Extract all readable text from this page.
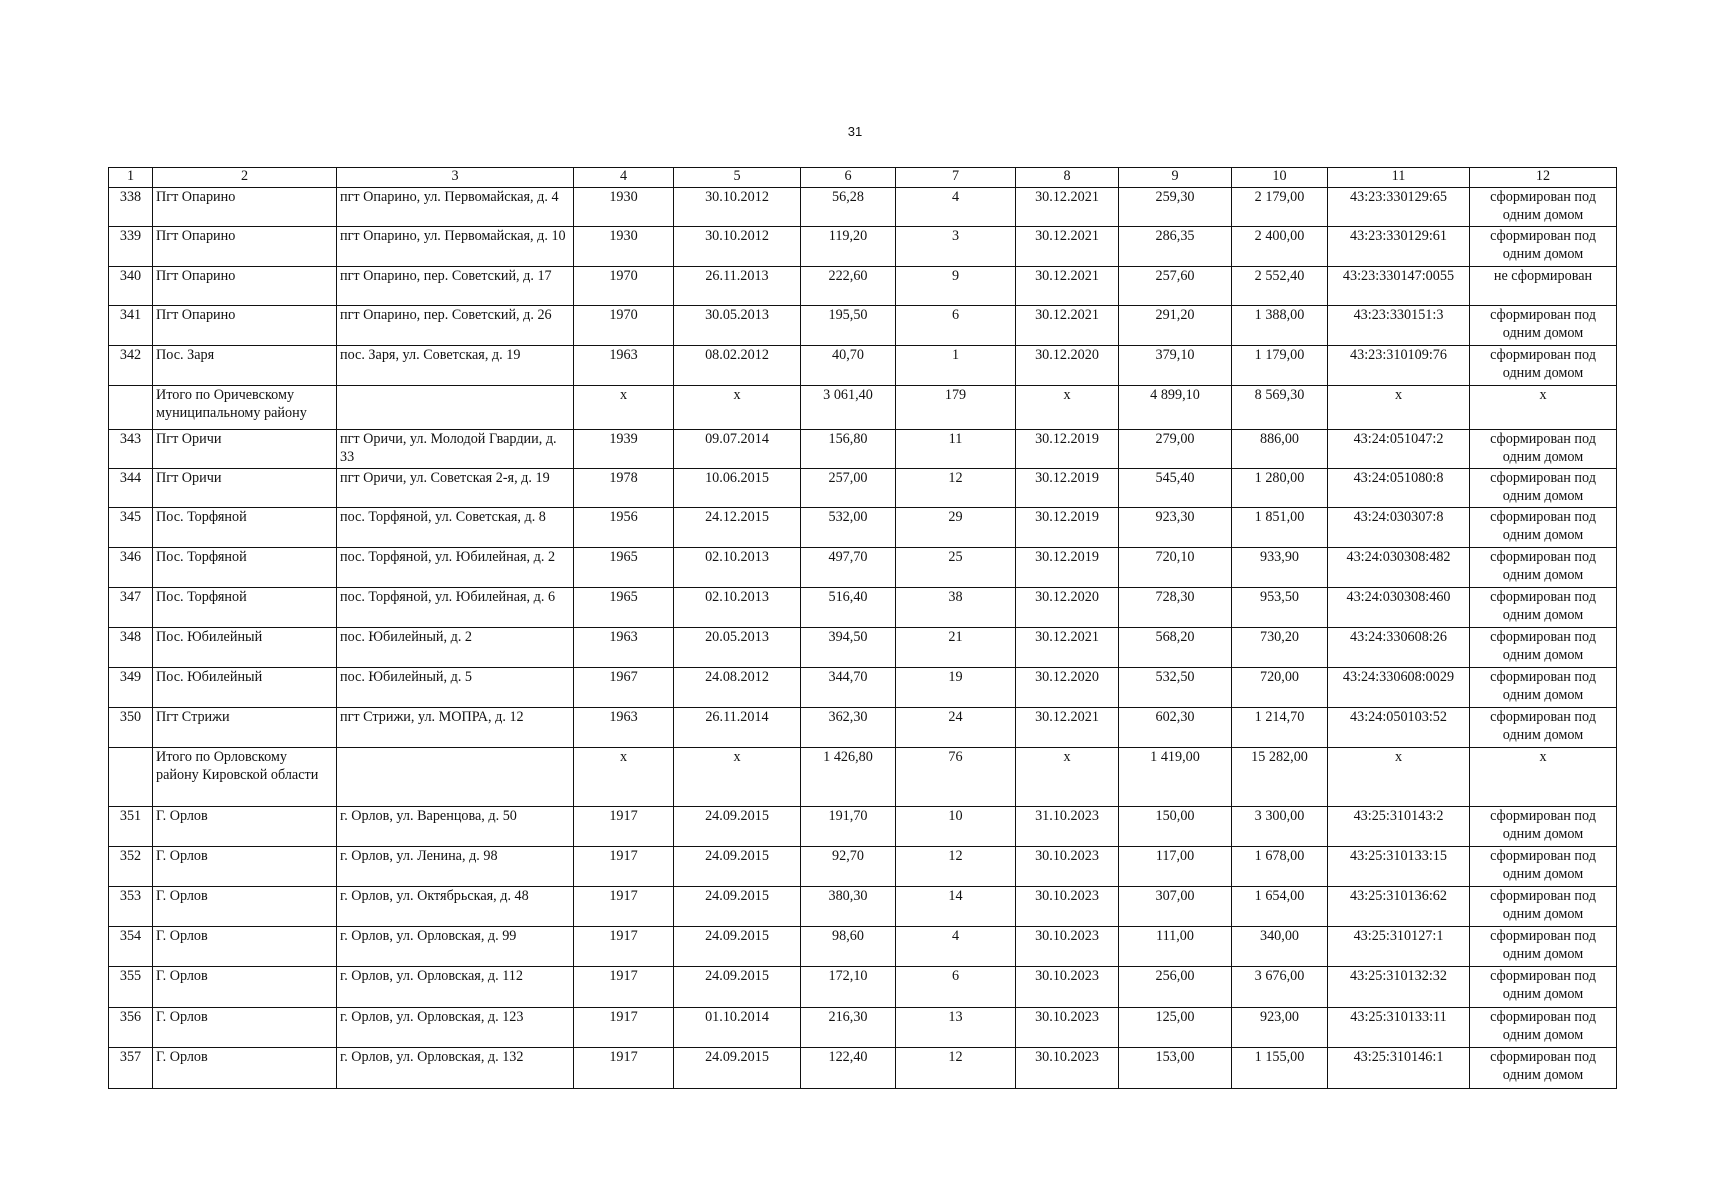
31
1	2	3	4	5	6	7	8	9	10	11	12
338	Пгт Опарино	пгт Опарино, ул. Первомайская, д. 4	1930	30.10.2012	56,28	4	30.12.2021	259,30	2 179,00	43:23:330129:65	сформирован под одним домом
339	Пгт Опарино	пгт Опарино, ул. Первомайская, д. 10	1930	30.10.2012	119,20	3	30.12.2021	286,35	2 400,00	43:23:330129:61	сформирован под одним домом
340	Пгт Опарино	пгт Опарино, пер. Советский, д. 17	1970	26.11.2013	222,60	9	30.12.2021	257,60	2 552,40	43:23:330147:0055	не сформирован
341	Пгт Опарино	пгт Опарино, пер. Советский, д. 26	1970	30.05.2013	195,50	6	30.12.2021	291,20	1 388,00	43:23:330151:3	сформирован под одним домом
342	Пос. Заря	пос. Заря, ул. Советская, д. 19	1963	08.02.2012	40,70	1	30.12.2020	379,10	1 179,00	43:23:310109:76	сформирован под одним домом
	Итого по Оричевскому муниципальному району		x	x	3 061,40	179	x	4 899,10	8 569,30	x	x
343	Пгт Оричи	пгт Оричи, ул. Молодой Гвардии, д. 33	1939	09.07.2014	156,80	11	30.12.2019	279,00	886,00	43:24:051047:2	сформирован под одним домом
344	Пгт Оричи	пгт Оричи, ул. Советская 2-я, д. 19	1978	10.06.2015	257,00	12	30.12.2019	545,40	1 280,00	43:24:051080:8	сформирован под одним домом
345	Пос. Торфяной	пос. Торфяной, ул. Советская, д. 8	1956	24.12.2015	532,00	29	30.12.2019	923,30	1 851,00	43:24:030307:8	сформирован под одним домом
346	Пос. Торфяной	пос. Торфяной, ул. Юбилейная, д. 2	1965	02.10.2013	497,70	25	30.12.2019	720,10	933,90	43:24:030308:482	сформирован под одним домом
347	Пос. Торфяной	пос. Торфяной, ул. Юбилейная, д. 6	1965	02.10.2013	516,40	38	30.12.2020	728,30	953,50	43:24:030308:460	сформирован под одним домом
348	Пос. Юбилейный	пос. Юбилейный, д. 2	1963	20.05.2013	394,50	21	30.12.2021	568,20	730,20	43:24:330608:26	сформирован под одним домом
349	Пос. Юбилейный	пос. Юбилейный, д. 5	1967	24.08.2012	344,70	19	30.12.2020	532,50	720,00	43:24:330608:0029	сформирован под одним домом
350	Пгт Стрижи	пгт Стрижи, ул. МОПРА, д. 12	1963	26.11.2014	362,30	24	30.12.2021	602,30	1 214,70	43:24:050103:52	сформирован под одним домом
	Итого по Орловскому району Кировской области		x	x	1 426,80	76	x	1 419,00	15 282,00	x	x
351	Г. Орлов	г. Орлов, ул. Варенцова, д. 50	1917	24.09.2015	191,70	10	31.10.2023	150,00	3 300,00	43:25:310143:2	сформирован под одним домом
352	Г. Орлов	г. Орлов, ул. Ленина, д. 98	1917	24.09.2015	92,70	12	30.10.2023	117,00	1 678,00	43:25:310133:15	сформирован под одним домом
353	Г. Орлов	г. Орлов, ул. Октябрьская, д. 48	1917	24.09.2015	380,30	14	30.10.2023	307,00	1 654,00	43:25:310136:62	сформирован под одним домом
354	Г. Орлов	г. Орлов, ул. Орловская, д. 99	1917	24.09.2015	98,60	4	30.10.2023	111,00	340,00	43:25:310127:1	сформирован под одним домом
355	Г. Орлов	г. Орлов, ул. Орловская, д. 112	1917	24.09.2015	172,10	6	30.10.2023	256,00	3 676,00	43:25:310132:32	сформирован под одним домом
356	Г. Орлов	г. Орлов, ул. Орловская, д. 123	1917	01.10.2014	216,30	13	30.10.2023	125,00	923,00	43:25:310133:11	сформирован под одним домом
357	Г. Орлов	г. Орлов, ул. Орловская, д. 132	1917	24.09.2015	122,40	12	30.10.2023	153,00	1 155,00	43:25:310146:1	сформирован под одним домом
